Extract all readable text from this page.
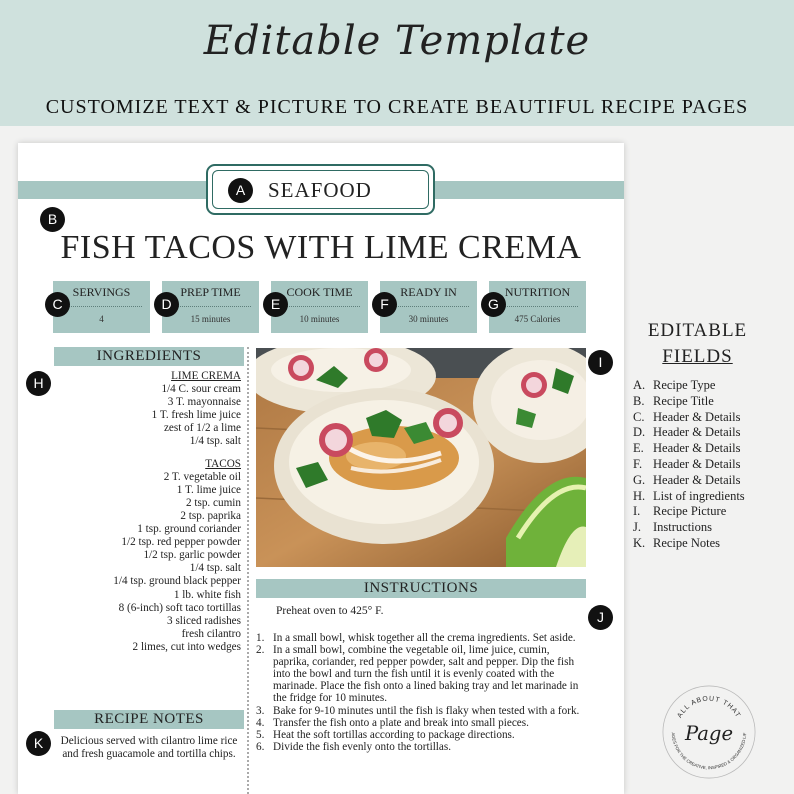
Editable Template
CUSTOMIZE TEXT & PICTURE TO CREATE BEAUTIFUL RECIPE PAGES
A	SEAFOOD
B
FISH TACOS WITH LIME CREMA
SERVINGS
4
C
PREP TIME
15 minutes
D
COOK TIME
10 minutes
E
READY IN
30 minutes
F
NUTRITION
475 Calories
G
INGREDIENTS
H	LIME CREMA
1/4 C. sour cream
3 T. mayonnaise
1 T. fresh lime juice
zest of 1/2 a lime
1/4 tsp. salt
TACOS
2 T. vegetable oil
1 T. lime juice
2 tsp. cumin
2 tsp. paprika
1 tsp. ground coriander
1/2 tsp. red pepper powder
1/2 tsp. garlic powder
1/4 tsp. salt
1/4 tsp. ground black pepper
1 lb. white fish
8 (6-inch) soft taco tortillas
3 sliced radishes
fresh cilantro
2 limes, cut into wedges
I
INSTRUCTIONS
Preheat oven to 425° F.	J
1. In a small bowl, whisk together all the crema ingredients. Set aside.
2. In a small bowl, combine the vegetable oil, lime juice, cumin, paprika, coriander, red pepper powder, salt and pepper. Dip the fish into the bowl and turn the fish until it is evenly coated with the marinade. Place the fish onto a lined baking tray and let marinade in the fridge for 10 minutes.
3. Bake for 9-10 minutes until the fish is flaky when tested with a fork.
4. Transfer the fish onto a plate and break into small pieces.
5. Heat the soft tortillas according to package directions.
6. Divide the fish evenly onto the tortillas.
RECIPE NOTES
K	Delicious served with cilantro lime rice and fresh guacamole and tortilla chips.
EDITABLE
FIELDS
A. Recipe Type
B. Recipe Title
C. Header & Details
D. Header & Details
E. Header & Details
F. Header & Details
G. Header & Details
H. List of ingredients
I.	Recipe Picture
J. Instructions
K. Recipe Notes
ALL ABOUT THAT
Page
AGES FOR THE CREATIVE, INSPIRED & ORGANIZED LIF
